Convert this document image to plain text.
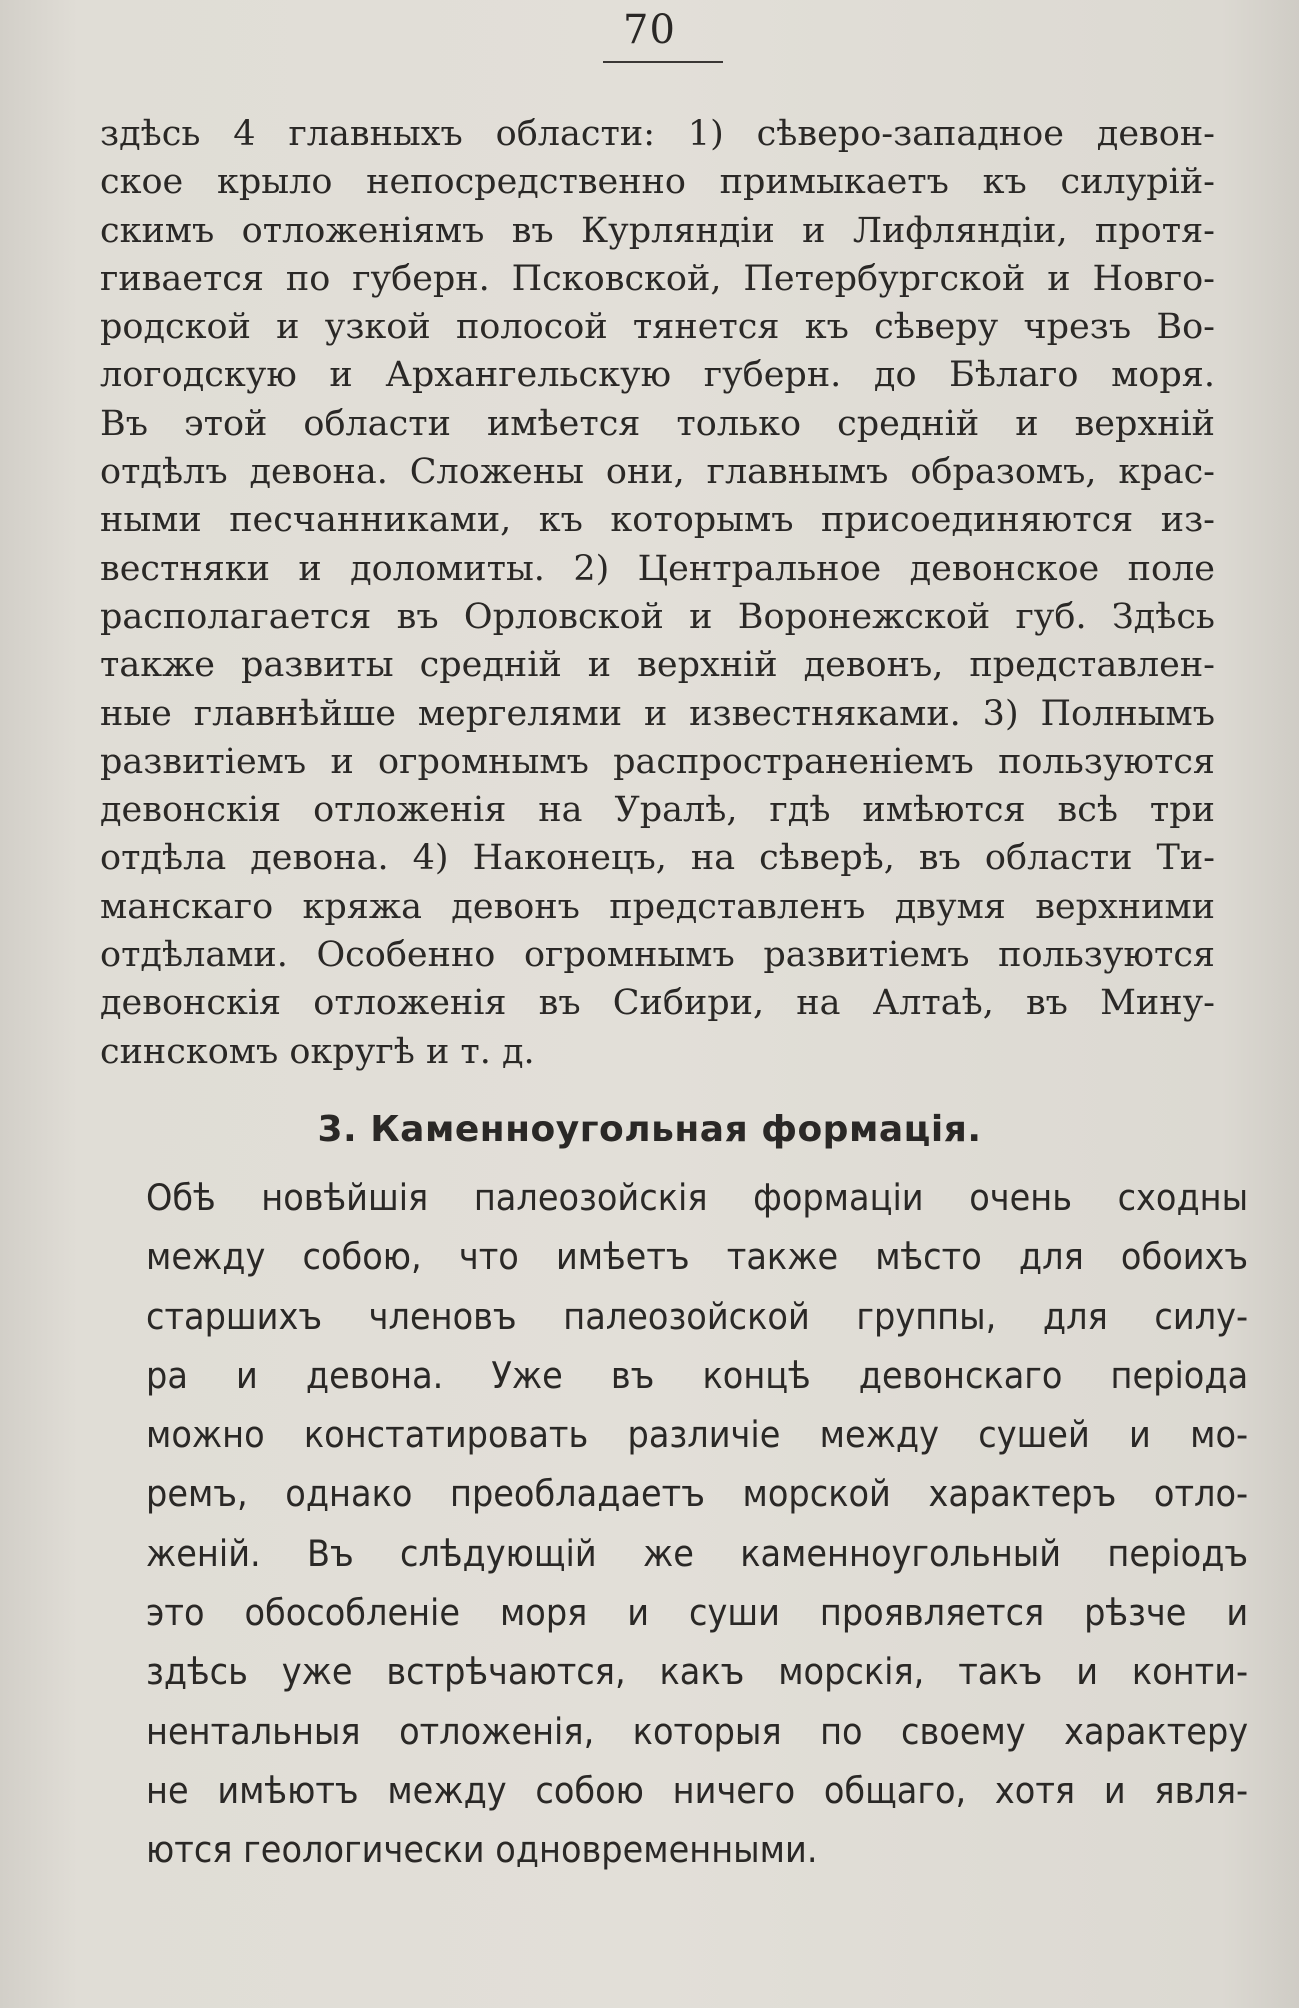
70
здѣсь 4 главныхъ области: 1) сѣверо-западное девон-
ское крыло непосредственно примыкаетъ къ силурій-
скимъ отложеніямъ въ Курляндіи и Лифляндіи, протя-
гивается по губерн. Псковской, Петербургской и Новго-
родской и узкой полосой тянется къ сѣверу чрезъ Во-
логодскую и Архангельскую губерн. до Бѣлаго моря.
Въ этой области имѣется только средній и верхній
отдѣлъ девона. Сложены они, главнымъ образомъ, крас-
ными песчанниками, къ которымъ присоединяются из-
вестняки и доломиты. 2) Центральное девонское поле
располагается въ Орловской и Воронежской губ. Здѣсь
также развиты средній и верхній девонъ, представлен-
ные главнѣйше мергелями и известняками. 3) Полнымъ
развитіемъ и огромнымъ распространеніемъ пользуются
девонскія отложенія на Уралѣ, гдѣ имѣются всѣ три
отдѣла девона. 4) Наконецъ, на сѣверѣ, въ области Ти-
манскаго кряжа девонъ представленъ двумя верхними
отдѣлами. Особенно огромнымъ развитіемъ пользуются
девонскія отложенія въ Сибири, на Алтаѣ, въ Мину-
синскомъ округѣ и т. д.
3. Каменноугольная формація.
Обѣ новѣйшія палеозойскія формаціи очень сходны
между собою, что имѣетъ также мѣсто для обоихъ
старшихъ членовъ палеозойской группы, для силу-
ра и девона. Уже въ концѣ девонскаго періода
можно констатировать различіе между сушей и мо-
ремъ, однако преобладаетъ морской характеръ отло-
женій. Въ слѣдующій же каменноугольный періодъ
это обособленіе моря и суши проявляется рѣзче и
здѣсь уже встрѣчаются, какъ морскія, такъ и конти-
нентальныя отложенія, которыя по своему характеру
не имѣютъ между собою ничего общаго, хотя и явля-
ются геологически одновременными.
